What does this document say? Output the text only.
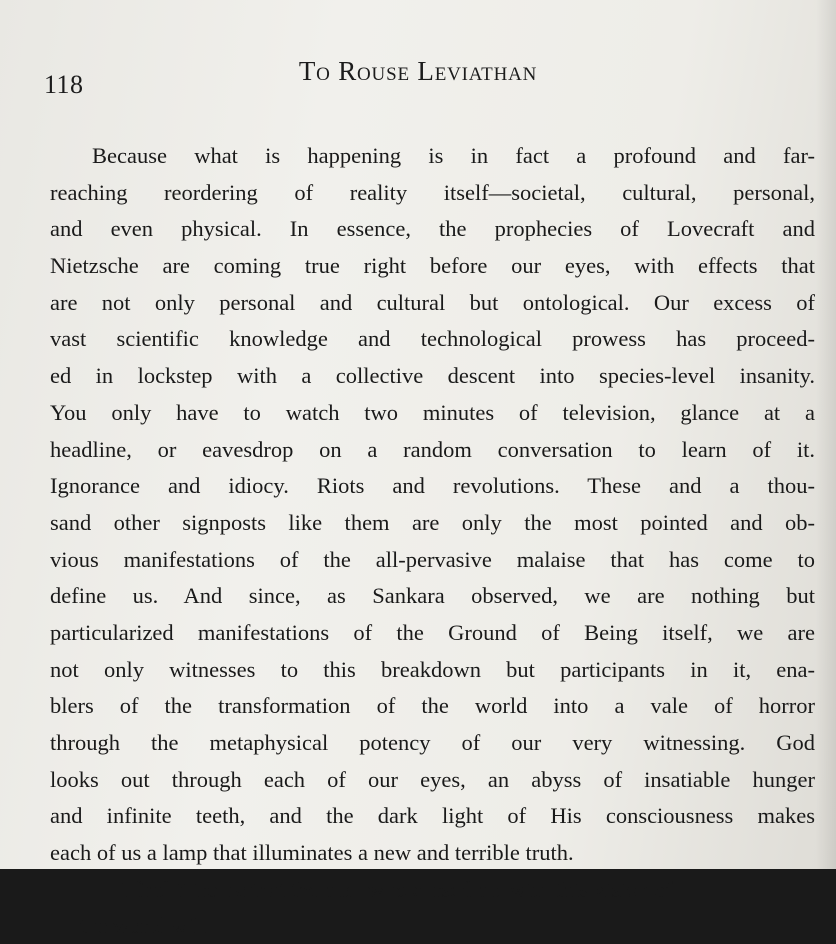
118	To Rouse Leviathan
Because what is happening is in fact a profound and far-
reaching reordering of reality itself—societal, cultural, personal,
and even physical. In essence, the prophecies of Lovecraft and
Nietzsche are coming true right before our eyes, with effects that
are not only personal and cultural but ontological. Our excess of
vast scientific knowledge and technological prowess has proceed-
ed in lockstep with a collective descent into species-level insanity.
You only have to watch two minutes of television, glance at a
headline, or eavesdrop on a random conversation to learn of it.
Ignorance and idiocy. Riots and revolutions. These and a thou-
sand other signposts like them are only the most pointed and ob-
vious manifestations of the all-pervasive malaise that has come to
define us. And since, as Sankara observed, we are nothing but
particularized manifestations of the Ground of Being itself, we are
not only witnesses to this breakdown but participants in it, ena-
blers of the transformation of the world into a vale of horror
through the metaphysical potency of our very witnessing. God
looks out through each of our eyes, an abyss of insatiable hunger
and infinite teeth, and the dark light of His consciousness makes
each of us a lamp that illuminates a new and terrible truth.
I find it ironic that the man who cursed me with this vision of
the world will
